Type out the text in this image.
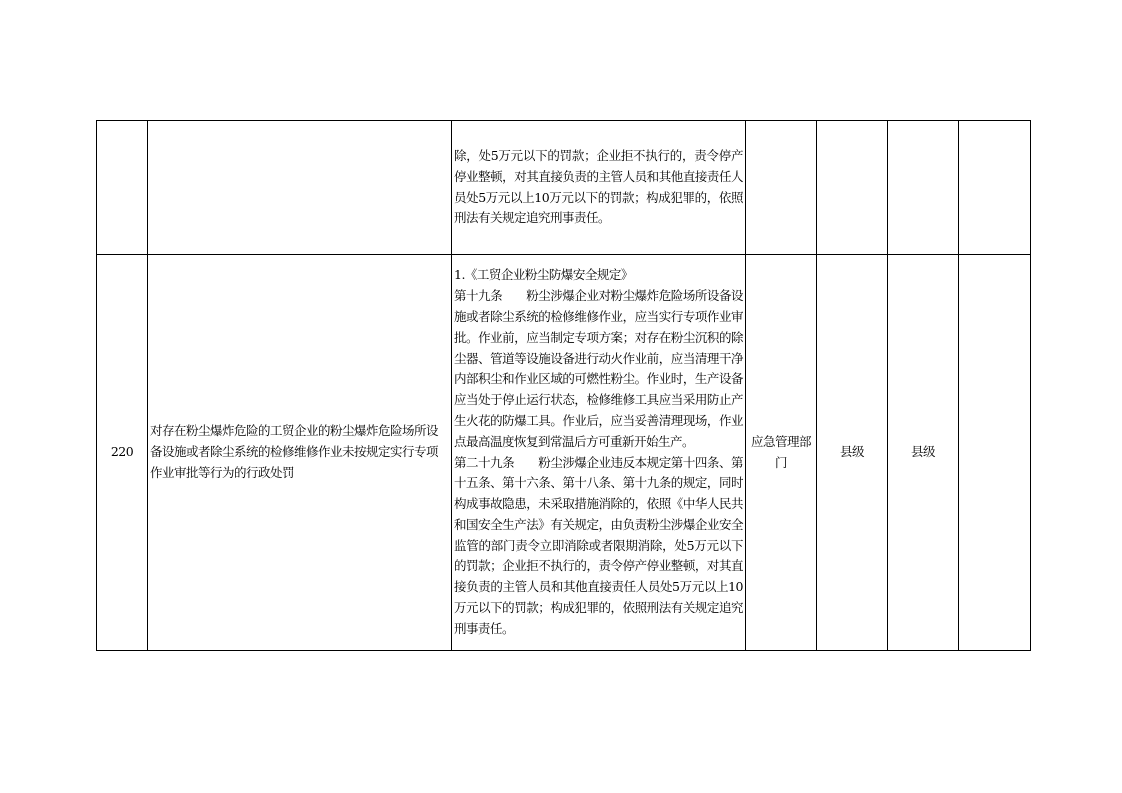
		除，处5万元以下的罚款；企业拒不执行的，责令停产停业整顿，对其直接负责的主管人员和其他直接责任人员处5万元以上10万元以下的罚款；构成犯罪的，依照刑法有关规定追究刑事责任。				

220	对存在粉尘爆炸危险的工贸企业的粉尘爆炸危险场所设备设施或者除尘系统的检修维修作业未按规定实行专项作业审批等行为的行政处罚	1.《工贸企业粉尘防爆安全规定》

第十九条　　粉尘涉爆企业对粉尘爆炸危险场所设备设施或者除尘系统的检修维修作业，应当实行专项作业审批。作业前，应当制定专项方案；对存在粉尘沉积的除尘器、管道等设施设备进行动火作业前，应当清理干净内部积尘和作业区域的可燃性粉尘。作业时，生产设备应当处于停止运行状态，检修维修工具应当采用防止产生火花的防爆工具。作业后，应当妥善清理现场，作业点最高温度恢复到常温后方可重新开始生产。

第二十九条　　粉尘涉爆企业违反本规定第十四条、第十五条、第十六条、第十八条、第十九条的规定，同时构成事故隐患，未采取措施消除的，依照《中华人民共和国安全生产法》有关规定，由负责粉尘涉爆企业安全监管的部门责令立即消除或者限期消除，处5万元以下的罚款；企业拒不执行的，责令停产停业整顿，对其直接负责的主管人员和其他直接责任人员处5万元以上10万元以下的罚款；构成犯罪的，依照刑法有关规定追究刑事责任。	应急管理部门	县级	县级	
